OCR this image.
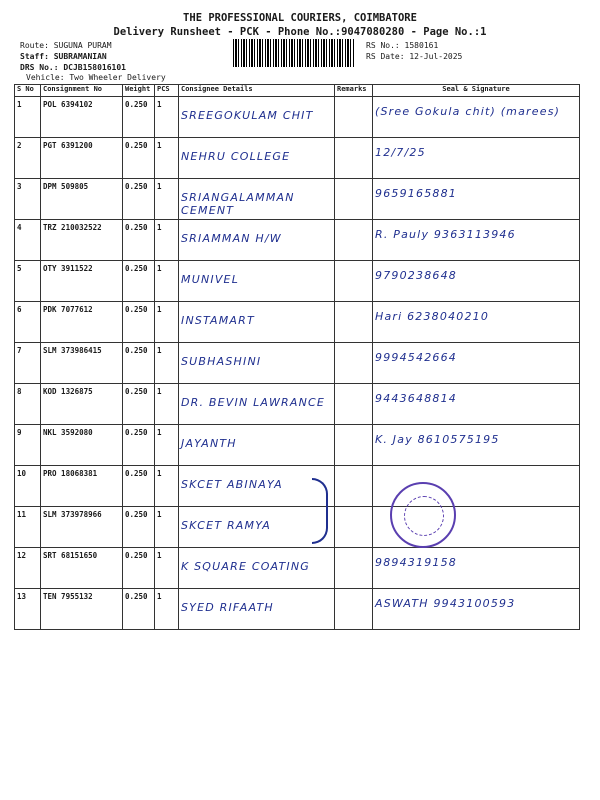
THE PROFESSIONAL COURIERS, COIMBATORE
Delivery Runsheet - PCK - Phone No.:9047080280 - Page No.:1
Route: SUGUNA PURAM
Staff: SUBRAMANIAN
DRS No.: DCJB158016101
Vehicle: Two Wheeler Delivery
RS No.: 1580161
RS Date: 12-Jul-2025
S No	Consignment No	Weight	PCS	Consignee Details	Remarks	Seal & Signature

1	POL 6394102	0.250	1	SREEGOKULAM CHIT		(Sree Gokula chit) (marees)

2	PGT 6391200	0.250	1	NEHRU COLLEGE		12/7/25

3	DPM 509805	0.250	1	SRIANGALAMMAN CEMENT		9659165881

4	TRZ 210032522	0.250	1	SRIAMMAN H/W		R. Pauly 9363113946

5	OTY 3911522	0.250	1	MUNIVEL		9790238648

6	PDK 7077612	0.250	1	INSTAMART		Hari 6238040210

7	SLM 373986415	0.250	1	SUBHASHINI		9994542664

8	KOD 1326875	0.250	1	DR. BEVIN LAWRANCE		9443648814

9	NKL 3592080	0.250	1	JAYANTH		K. Jay 8610575195

10	PRO 18068381	0.250	1	SKCET ABINAYA		

11	SLM 373978966	0.250	1	SKCET RAMYA		

12	SRT 68151650	0.250	1	K SQUARE COATING		9894319158

13	TEN 7955132	0.250	1	SYED RIFAATH		ASWATH 9943100593
